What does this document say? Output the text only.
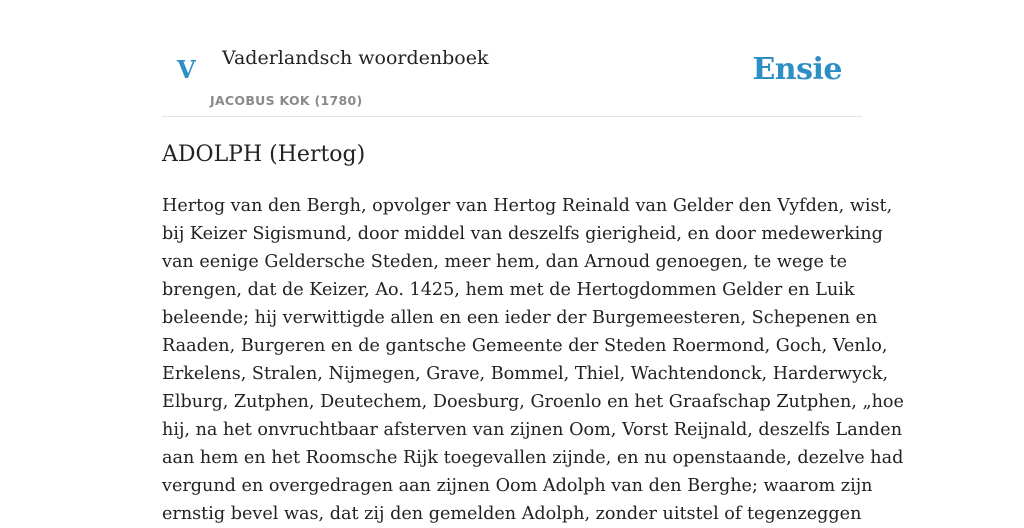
V Vaderlandsch woordenboek
JACOBUS KOK (1780)
Ensie
ADOLPH (Hertog)
Hertog van den Bergh, opvolger van Hertog Reinald van Gelder den Vyfden, wist,
bij Keizer Sigismund, door middel van deszelfs gierigheid, en door medewerking
van eenige Geldersche Steden, meer hem, dan Arnoud genoegen, te wege te
brengen, dat de Keizer, Ao. 1425, hem met de Hertogdommen Gelder en Luik
beleende; hij verwittigde allen en een ieder der Burgemeesteren, Schepenen en
Raaden, Burgeren en de gantsche Gemeente der Steden Roermond, Goch, Venlo,
Erkelens, Stralen, Nijmegen, Grave, Bommel, Thiel, Wachtendonck, Harderwyck,
Elburg, Zutphen, Deutechem, Doesburg, Groenlo en het Graafschap Zutphen, „hoe
hij, na het onvruchtbaar afsterven van zijnen Oom, Vorst Reijnald, deszelfs Landen
aan hem en het Roomsche Rijk toegevallen zijnde, en nu openstaande, dezelve had
vergund en overgedragen aan zijnen Oom Adolph van den Berghe; waarom zijn
ernstig bevel was, dat zij den gemelden Adolph, zonder uitstel of tegenzeggen
